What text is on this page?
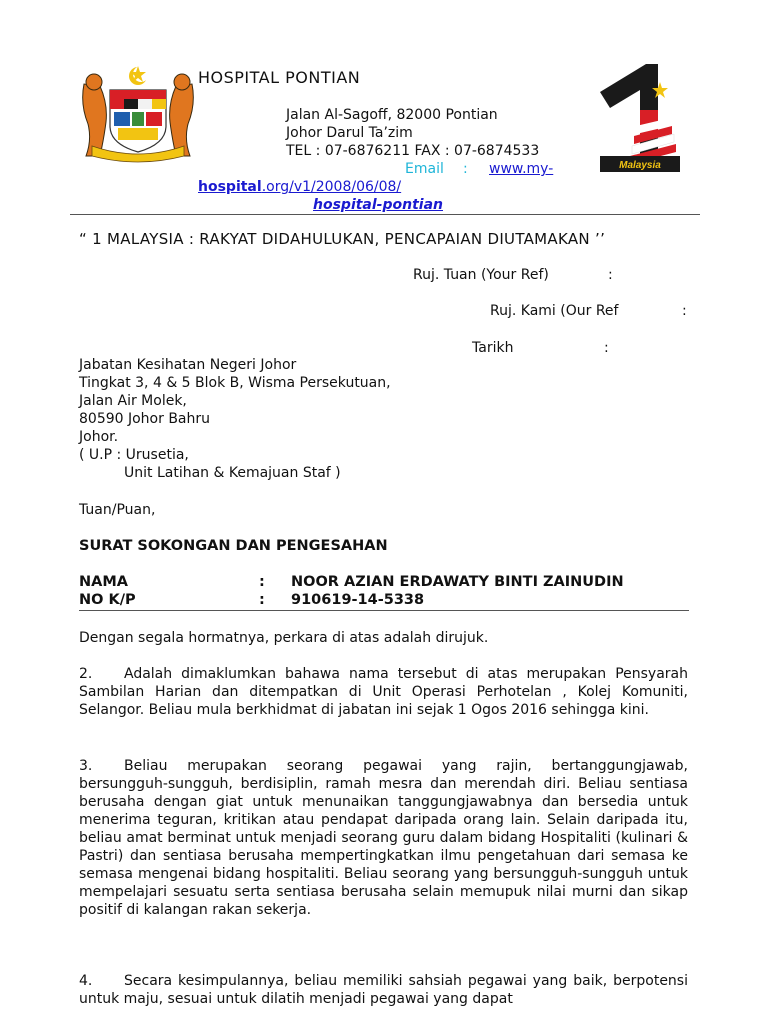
HOSPITAL PONTIAN
Jalan Al-Sagoff, 82000 Pontian
Johor Darul Ta’zim
TEL : 07-6876211 FAX : 07-6874533
Email : www.my-
hospital.org/v1/2008/06/08/
hospital-pontian
Malaysia
“ 1 MALAYSIA : RAKYAT DIDAHULUKAN, PENCAPAIAN DIUTAMAKAN ’’
Ruj. Tuan (Your Ref)	:
Ruj. Kami (Our Ref	:
Tarikh	:
Jabatan Kesihatan Negeri Johor
Tingkat 3, 4 & 5 Blok B, Wisma Persekutuan,
Jalan Air Molek,
80590 Johor Bahru
Johor.
( U.P : Urusetia,
Unit Latihan & Kemajuan Staf )
Tuan/Puan,
SURAT SOKONGAN DAN PENGESAHAN
NAMA	: NOOR AZIAN ERDAWATY BINTI ZAINUDIN
NO K/P	: 910619-14-5338
Dengan segala hormatnya, perkara di atas adalah dirujuk.
2. Adalah dimaklumkan bahawa nama tersebut di atas merupakan Pensyarah Sambilan Harian dan ditempatkan di Unit Operasi Perhotelan , Kolej Komuniti, Selangor. Beliau mula berkhidmat di jabatan ini sejak 1 Ogos 2016 sehingga kini.
3. Beliau merupakan seorang pegawai yang rajin, bertanggungjawab, bersungguh-sungguh, berdisiplin, ramah mesra dan merendah diri. Beliau sentiasa berusaha dengan giat untuk menunaikan tanggungjawabnya dan bersedia untuk menerima teguran, kritikan atau pendapat daripada orang lain. Selain daripada itu, beliau amat berminat untuk menjadi seorang guru dalam bidang Hospitaliti (kulinari & Pastri) dan sentiasa berusaha mempertingkatkan ilmu pengetahuan dari semasa ke semasa mengenai bidang hospitaliti. Beliau seorang yang bersungguh-sungguh untuk mempelajari sesuatu serta sentiasa berusaha selain memupuk nilai murni dan sikap positif di kalangan rakan sekerja.
4. Secara kesimpulannya, beliau memiliki sahsiah pegawai yang baik, berpotensi untuk maju, sesuai untuk dilatih menjadi pegawai yang dapat
